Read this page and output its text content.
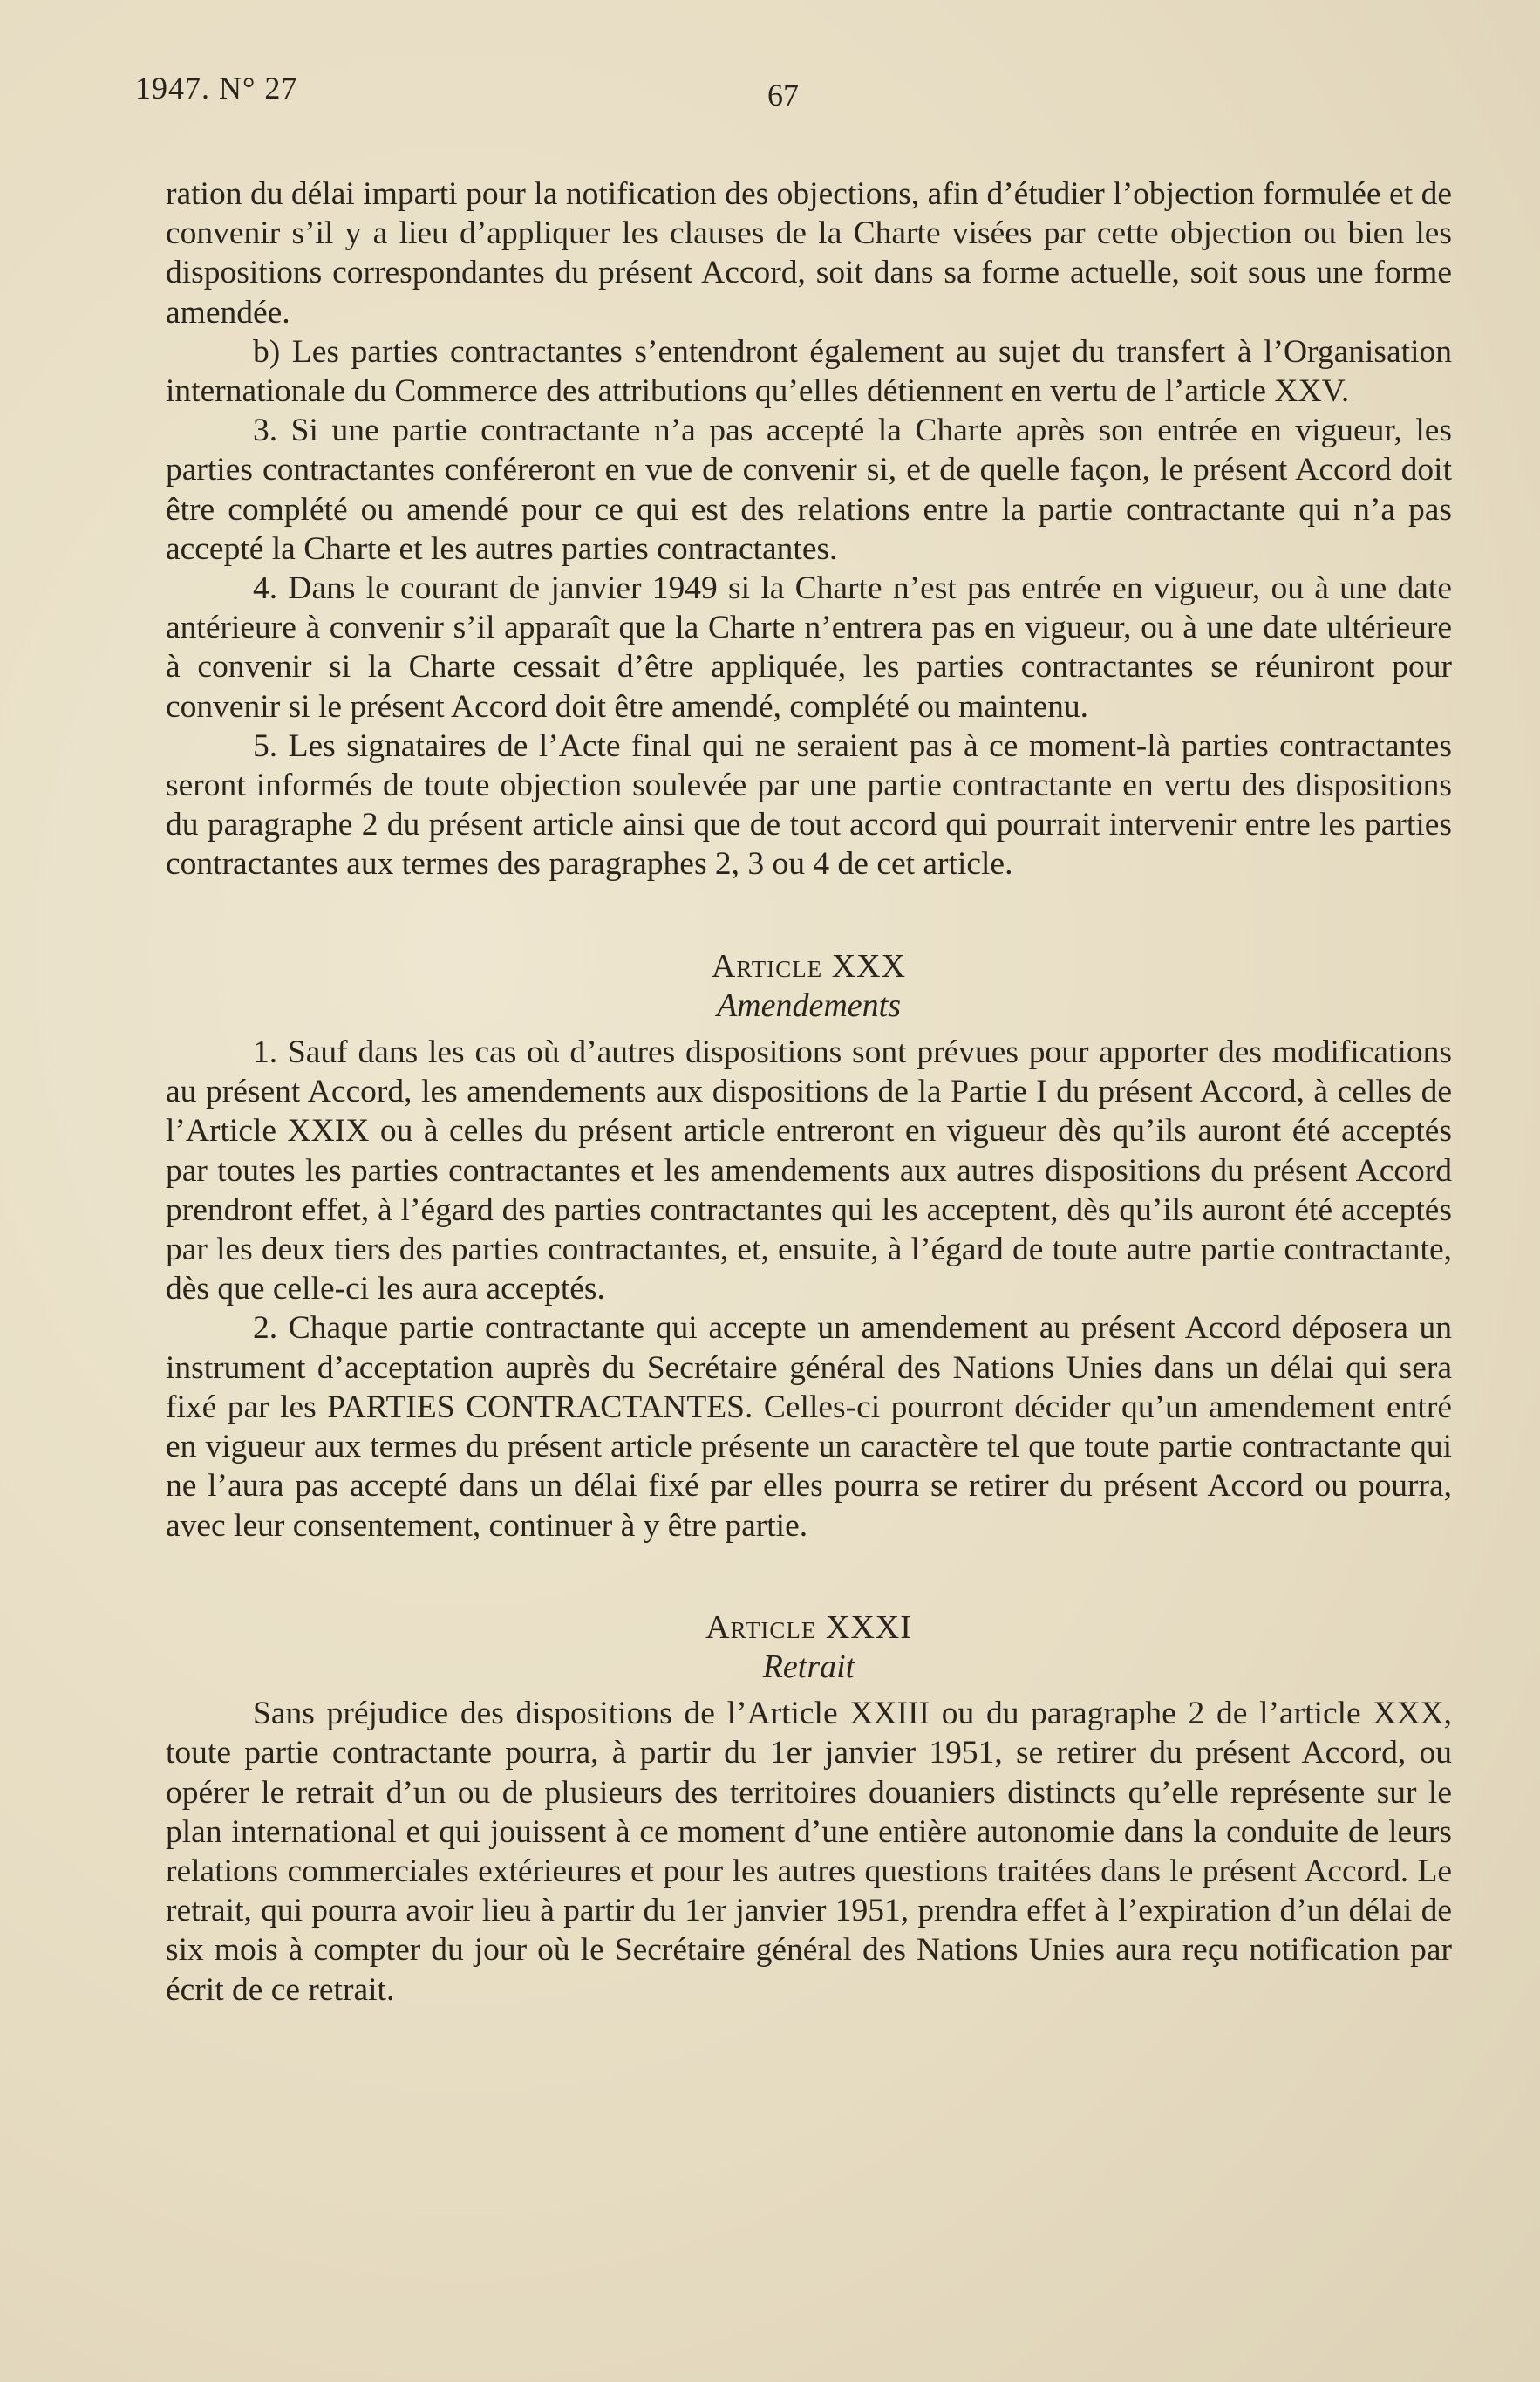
1947. N° 27	67

ration du délai imparti pour la notification des objections, afin d’étudier l’objection formulée et de convenir s’il y a lieu d’appliquer les clauses de la Charte visées par cette objection ou bien les dispositions correspondantes du présent Accord, soit dans sa forme actuelle, soit sous une forme amendée.

b) Les parties contractantes s’entendront également au sujet du transfert à l’Organisation internationale du Commerce des attributions qu’elles détiennent en vertu de l’article XXV.

3. Si une partie contractante n’a pas accepté la Charte après son entrée en vigueur, les parties contractantes conféreront en vue de convenir si, et de quelle façon, le présent Accord doit être complété ou amendé pour ce qui est des relations entre la partie contractante qui n’a pas accepté la Charte et les autres parties contractantes.

4. Dans le courant de janvier 1949 si la Charte n’est pas entrée en vigueur, ou à une date antérieure à convenir s’il apparaît que la Charte n’entrera pas en vigueur, ou à une date ultérieure à convenir si la Charte cessait d’être appliquée, les parties contractantes se réuniront pour convenir si le présent Accord doit être amendé, complété ou maintenu.

5. Les signataires de l’Acte final qui ne seraient pas à ce moment-là parties contractantes seront informés de toute objection soulevée par une partie contractante en vertu des dispositions du paragraphe 2 du présent article ainsi que de tout accord qui pourrait intervenir entre les parties contractantes aux termes des paragraphes 2, 3 ou 4 de cet article.

Article XXX
Amendements

1. Sauf dans les cas où d’autres dispositions sont prévues pour apporter des modifications au présent Accord, les amendements aux dispositions de la Partie I du présent Accord, à celles de l’Article XXIX ou à celles du présent article entreront en vigueur dès qu’ils auront été acceptés par toutes les parties contractantes et les amendements aux autres dispositions du présent Accord prendront effet, à l’égard des parties contractantes qui les acceptent, dès qu’ils auront été acceptés par les deux tiers des parties contractantes, et, ensuite, à l’égard de toute autre partie contractante, dès que celle-ci les aura acceptés.

2. Chaque partie contractante qui accepte un amendement au présent Accord déposera un instrument d’acceptation auprès du Secrétaire général des Nations Unies dans un délai qui sera fixé par les PARTIES CONTRACTANTES. Celles-ci pourront décider qu’un amendement entré en vigueur aux termes du présent article présente un caractère tel que toute partie contractante qui ne l’aura pas accepté dans un délai fixé par elles pourra se retirer du présent Accord ou pourra, avec leur consentement, continuer à y être partie.

Article XXXI
Retrait

Sans préjudice des dispositions de l’Article XXIII ou du paragraphe 2 de l’article XXX, toute partie contractante pourra, à partir du 1er janvier 1951, se retirer du présent Accord, ou opérer le retrait d’un ou de plusieurs des territoires douaniers distincts qu’elle représente sur le plan international et qui jouissent à ce moment d’une entière autonomie dans la conduite de leurs relations commerciales extérieures et pour les autres questions traitées dans le présent Accord. Le retrait, qui pourra avoir lieu à partir du 1er janvier 1951, prendra effet à l’expiration d’un délai de six mois à compter du jour où le Secrétaire général des Nations Unies aura reçu notification par écrit de ce retrait.
